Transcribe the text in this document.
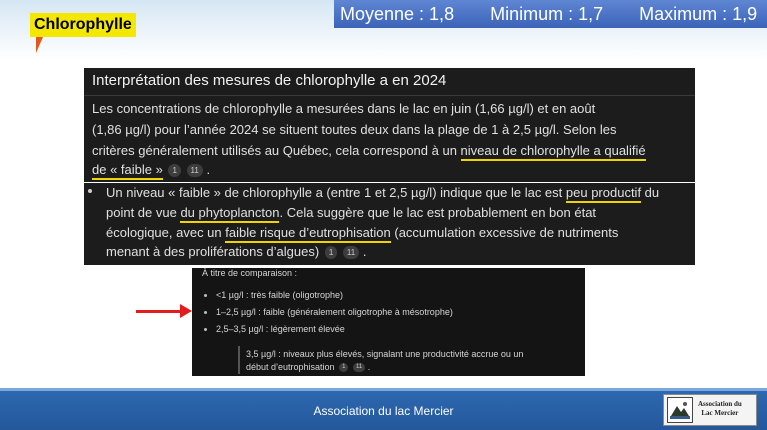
Moyenne : 1,8 Minimum : 1,7 Maximum : 1,9
Chlorophylle
Interprétation des mesures de chlorophylle a en 2024
Les concentrations de chlorophylle a mesurées dans le lac en juin (1,66 µg/l) et en août
(1,86 µg/l) pour l’année 2024 se situent toutes deux dans la plage de 1 à 2,5 µg/l. Selon les
critères généralement utilisés au Québec, cela correspond à un niveau de chlorophylle a qualifié
de « faible » 1 11 .
Un niveau « faible » de chlorophylle a (entre 1 et 2,5 µg/l) indique que le lac est peu productif du
point de vue du phytoplancton. Cela suggère que le lac est probablement en bon état
écologique, avec un faible risque d’eutrophisation (accumulation excessive de nutriments
menant à des proliférations d’algues) 1 11 .
À titre de comparaison :
<1 µg/l : très faible (oligotrophe)
1–2,5 µg/l : faible (généralement oligotrophe à mésotrophe)
2,5–3,5 µg/l : légèrement élevée
3,5 µg/l : niveaux plus élevés, signalant une productivité accrue ou un
début d’eutrophisation 1 11 .
Association du lac Mercier	Association du
Lac Mercier
